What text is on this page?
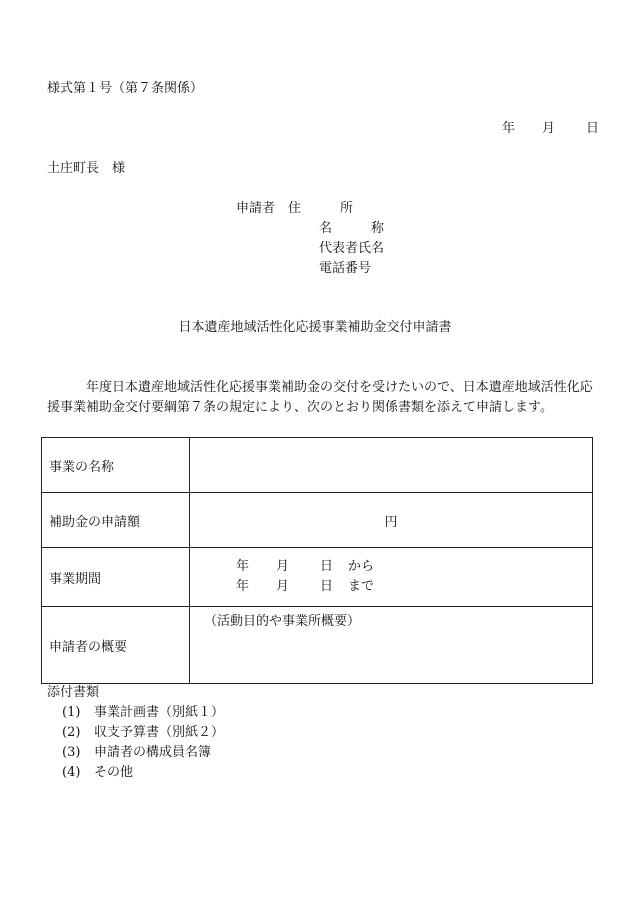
様式第１号（第７条関係）
年 月 日
土庄町長　様
申請者 住　　　所
名　　　称
代表者氏名
電話番号
日本遺産地域活性化応援事業補助金交付申請書
年度日本遺産地域活性化応援事業補助金の交付を受けたいので、日本遺産地域活性化応援事業補助金交付要綱第７条の規定により、次のとおり関係書類を添えて申請します。
事業の名称	
補助金の申請額	円
事業期間	年 月 日 から
年 月 日 まで

申請者の概要	（活動目的や事業所概要）
添付書類
(1) 事業計画書（別紙１）
(2) 収支予算書（別紙２）
(3) 申請者の構成員名簿
(4) その他
